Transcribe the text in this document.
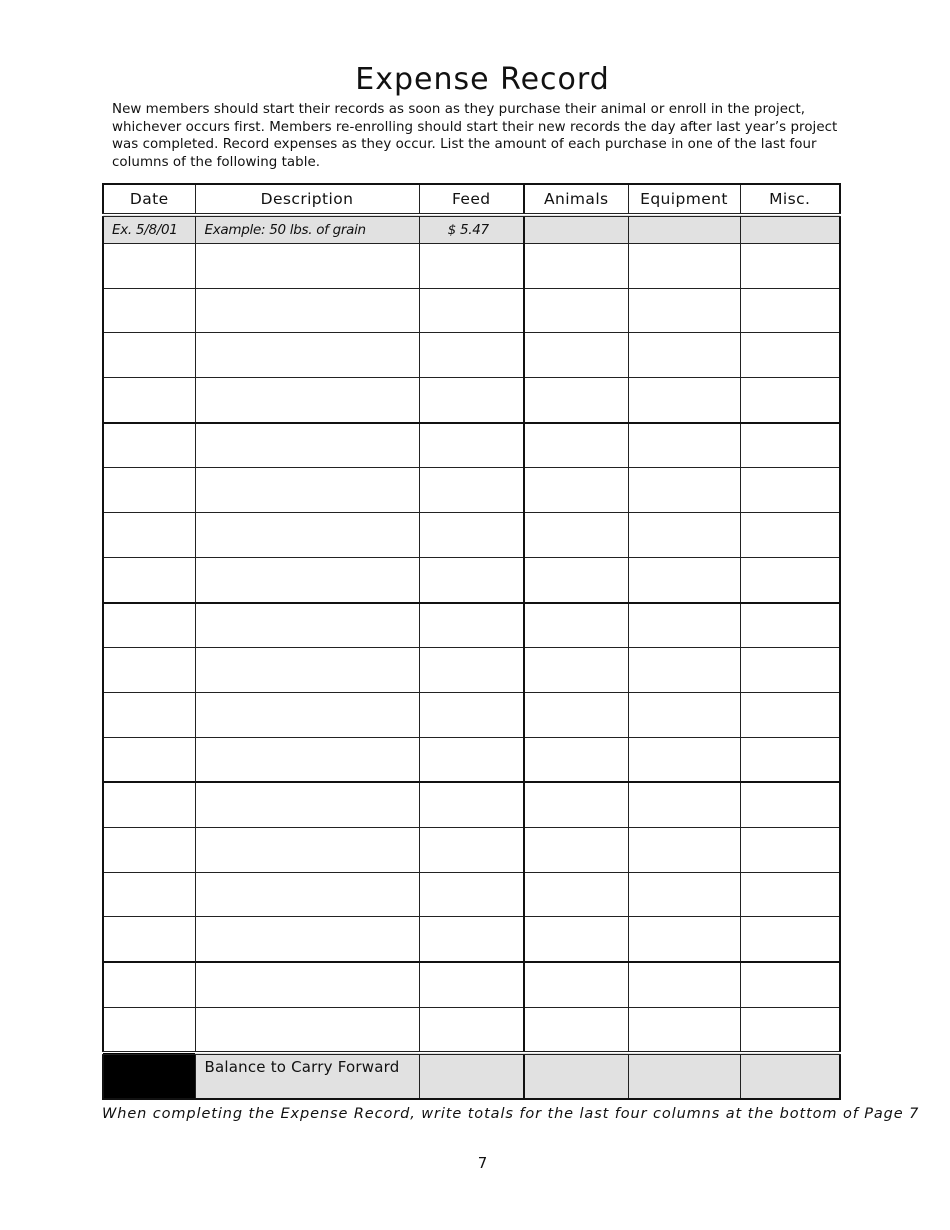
Expense Record

New members should start their records as soon as they purchase their animal or enroll in the project, whichever occurs first. Members re-enrolling should start their new records the day after last year’s project was completed. Record expenses as they occur. List the amount of each purchase in one of the last four columns of the following table.

Date	Description	Feed	Animals	Equipment	Misc.
Ex. 5/8/01	Example: 50 lbs. of grain	$ 5.47			

	Balance to Carry Forward				

When completing the Expense Record, write totals for the last four columns at the bottom of Page 7

7
